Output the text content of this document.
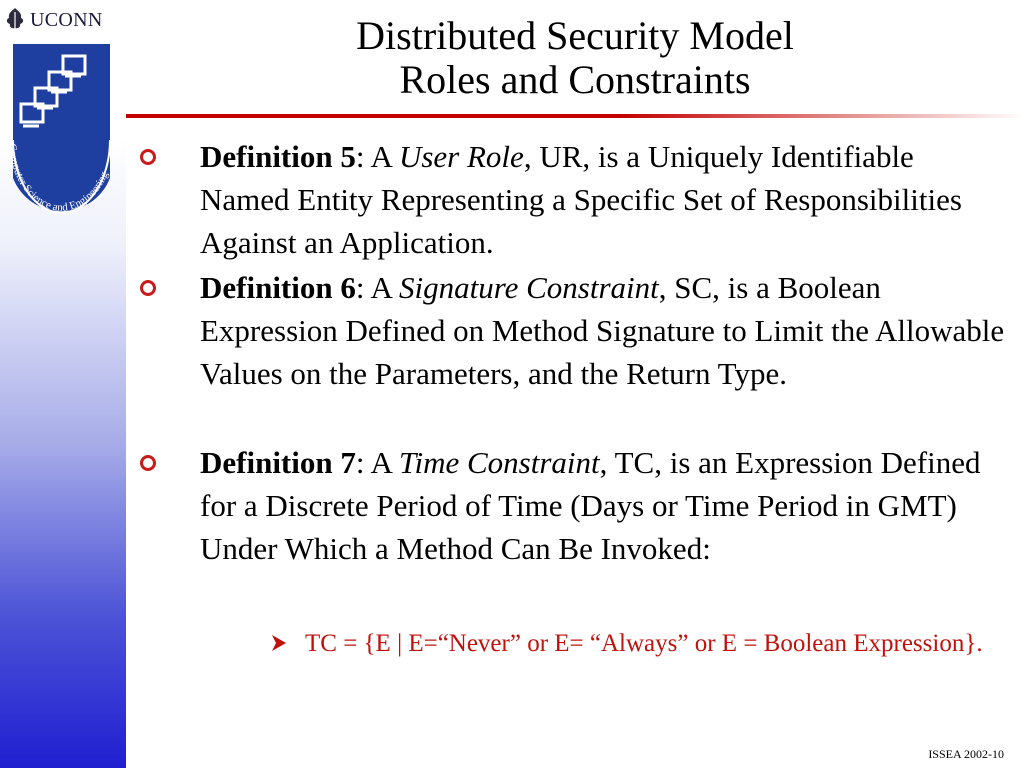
UCONN
Computer Science and Engineering
Distributed Security Model
Roles and Constraints
Definition 5: A User Role, UR, is a Uniquely Identifiable Named Entity Representing a Specific Set of Responsibilities Against an Application.
Definition 6: A Signature Constraint, SC, is a Boolean Expression Defined on Method Signature to Limit the Allowable Values on the Parameters, and the Return Type.
Definition 7: A Time Constraint, TC, is an Expression Defined for a Discrete Period of Time (Days or Time Period in GMT) Under Which a Method Can Be Invoked:
TC = {E | E=“Never” or E= “Always” or E = Boolean Expression}.
ISSEA 2002-10
